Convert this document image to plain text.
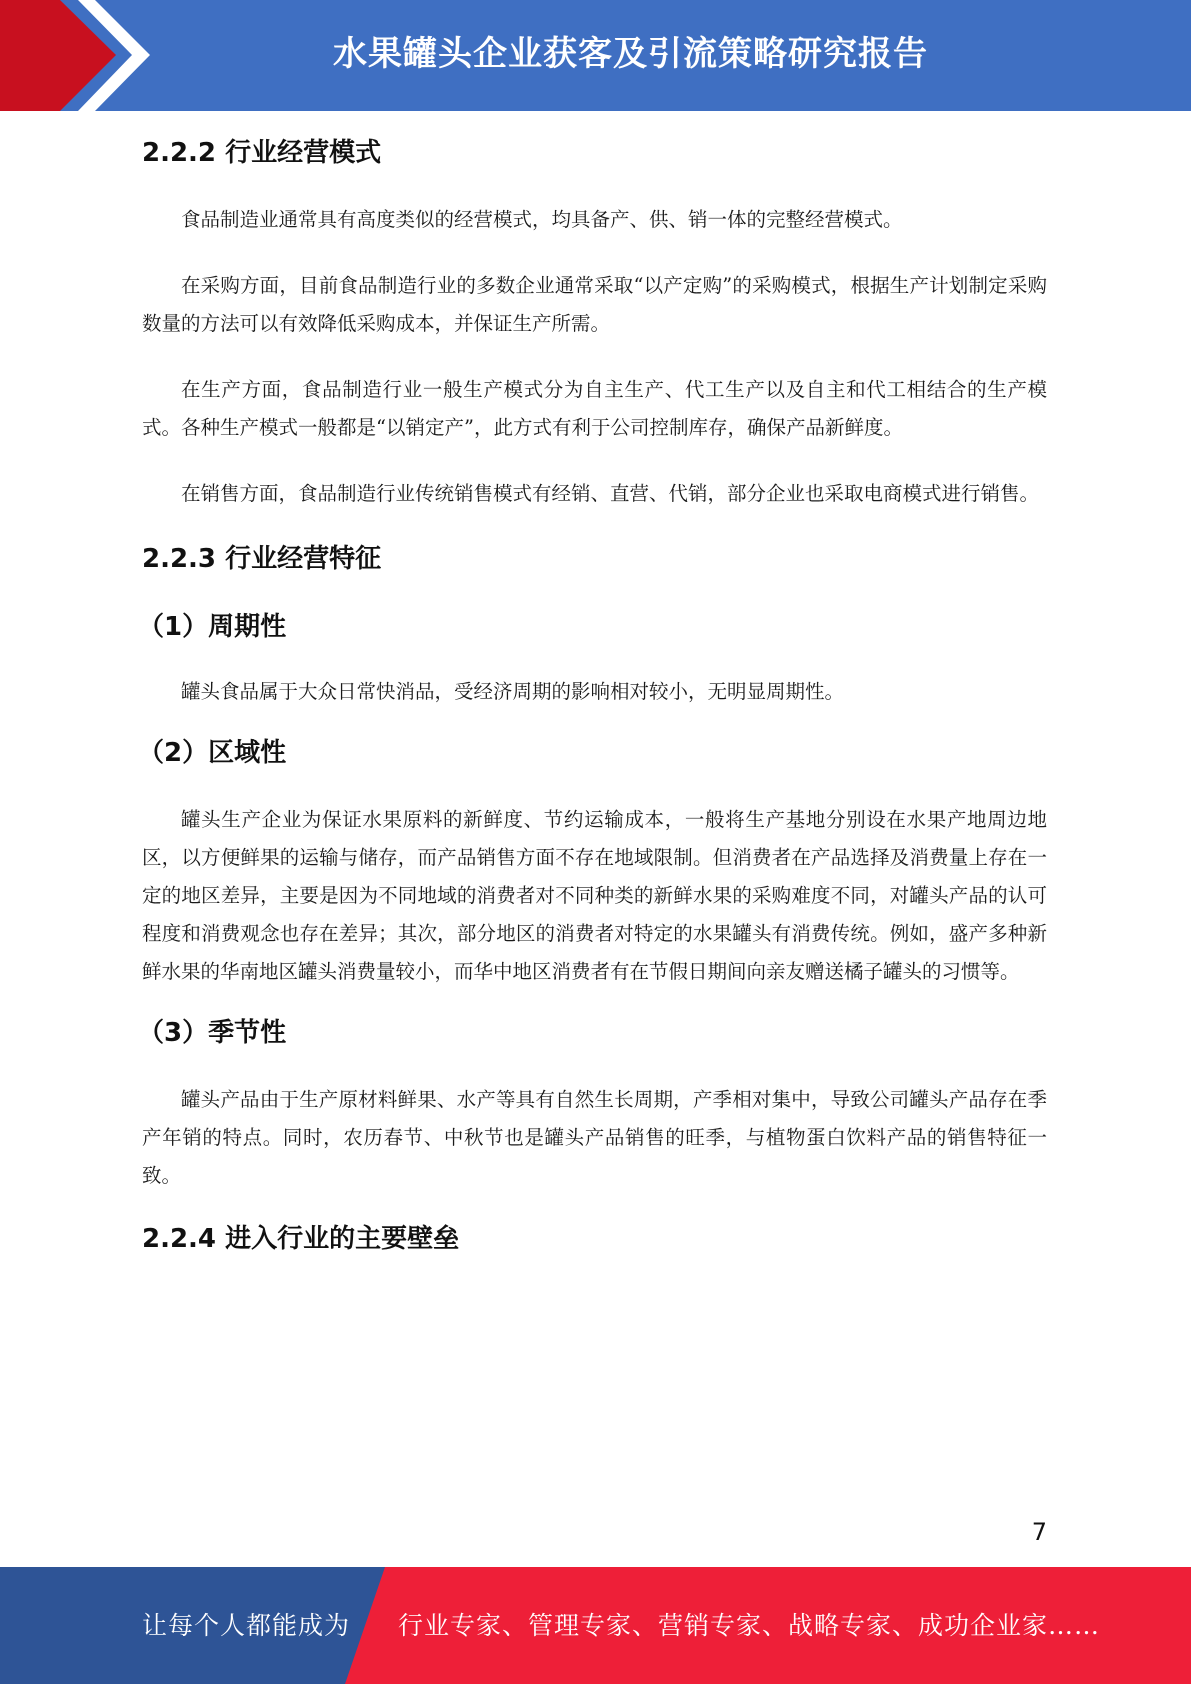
水果罐头企业获客及引流策略研究报告
2.2.2 行业经营模式

食品制造业通常具有高度类似的经营模式，均具备产、供、销一体的完整经营模式。

在采购方面，目前食品制造行业的多数企业通常采取“以产定购”的采购模式，根据生产计划制定采购数量的方法可以有效降低采购成本，并保证生产所需。

在生产方面，食品制造行业一般生产模式分为自主生产、代工生产以及自主和代工相结合的生产模式。各种生产模式一般都是“以销定产”，此方式有利于公司控制库存，确保产品新鲜度。

在销售方面，食品制造行业传统销售模式有经销、直营、代销，部分企业也采取电商模式进行销售。

2.2.3 行业经营特征
（1）周期性

罐头食品属于大众日常快消品，受经济周期的影响相对较小，无明显周期性。

（2）区域性

罐头生产企业为保证水果原料的新鲜度、节约运输成本，一般将生产基地分别设在水果产地周边地区，以方便鲜果的运输与储存，而产品销售方面不存在地域限制。但消费者在产品选择及消费量上存在一定的地区差异，主要是因为不同地域的消费者对不同种类的新鲜水果的采购难度不同，对罐头产品的认可程度和消费观念也存在差异；其次，部分地区的消费者对特定的水果罐头有消费传统。例如，盛产多种新鲜水果的华南地区罐头消费量较小，而华中地区消费者有在节假日期间向亲友赠送橘子罐头的习惯等。

（3）季节性

罐头产品由于生产原材料鲜果、水产等具有自然生长周期，产季相对集中，导致公司罐头产品存在季产年销的特点。同时，农历春节、中秋节也是罐头产品销售的旺季，与植物蛋白饮料产品的销售特征一致。

2.2.4 进入行业的主要壁垒
7
让每个人都能成为 行业专家、管理专家、营销专家、战略专家、成功企业家……
